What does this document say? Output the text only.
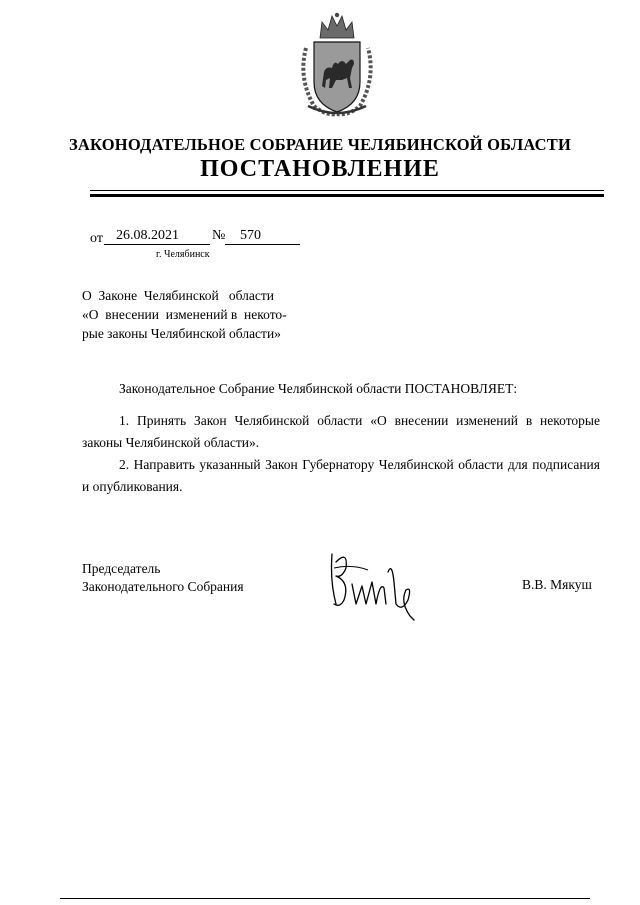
ЗАКОНОДАТЕЛЬНОЕ СОБРАНИЕ ЧЕЛЯБИНСКОЙ ОБЛАСТИ
ПОСТАНОВЛЕНИЕ
от 26.08.2021 № 570
г. Челябинск
О  Законе  Челябинской   области
«О  внесении  изменений в  некото-
рые законы Челябинской области»

Законодательное Собрание Челябинской области ПОСТАНОВЛЯЕТ:

1. Принять Закон Челябинской области «О внесении изменений в некоторые законы Челябинской области».

2. Направить указанный Закон Губернатору Челябинской области для подписания и опубликования.

Председатель
Законодательного Собрания	В.В. Мякуш
